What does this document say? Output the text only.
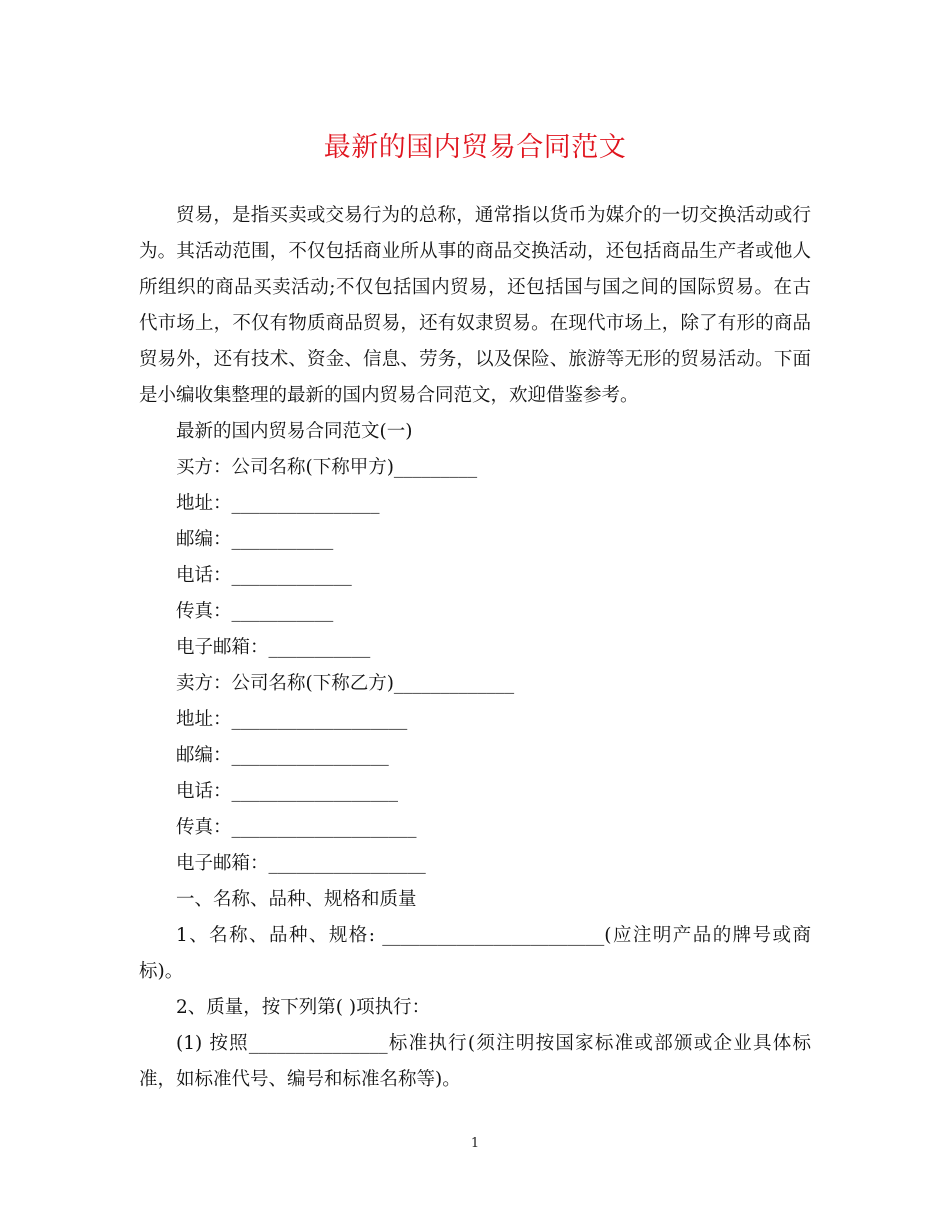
最新的国内贸易合同范文

贸易，是指买卖或交易行为的总称，通常指以货币为媒介的一切交换活动或行为。其活动范围，不仅包括商业所从事的商品交换活动，还包括商品生产者或他人所组织的商品买卖活动;不仅包括国内贸易，还包括国与国之间的国际贸易。在古代市场上，不仅有物质商品贸易，还有奴隶贸易。在现代市场上，除了有形的商品贸易外，还有技术、资金、信息、劳务，以及保险、旅游等无形的贸易活动。下面是小编收集整理的最新的国内贸易合同范文，欢迎借鉴参考。

最新的国内贸易合同范文(一)

买方：公司名称(下称甲方)_________

地址：________________

邮编：___________

电话：_____________

传真：___________

电子邮箱：___________

卖方：公司名称(下称乙方)_____________

地址：___________________

邮编：_________________

电话：__________________

传真：____________________

电子邮箱：_________________

一、名称、品种、规格和质量

1、名称、品种、规格: ________________________(应注明产品的牌号或商标)。

2、质量，按下列第( )项执行：

(1) 按照_______________标准执行(须注明按国家标准或部颁或企业具体标准，如标准代号、编号和标准名称等)。

1
